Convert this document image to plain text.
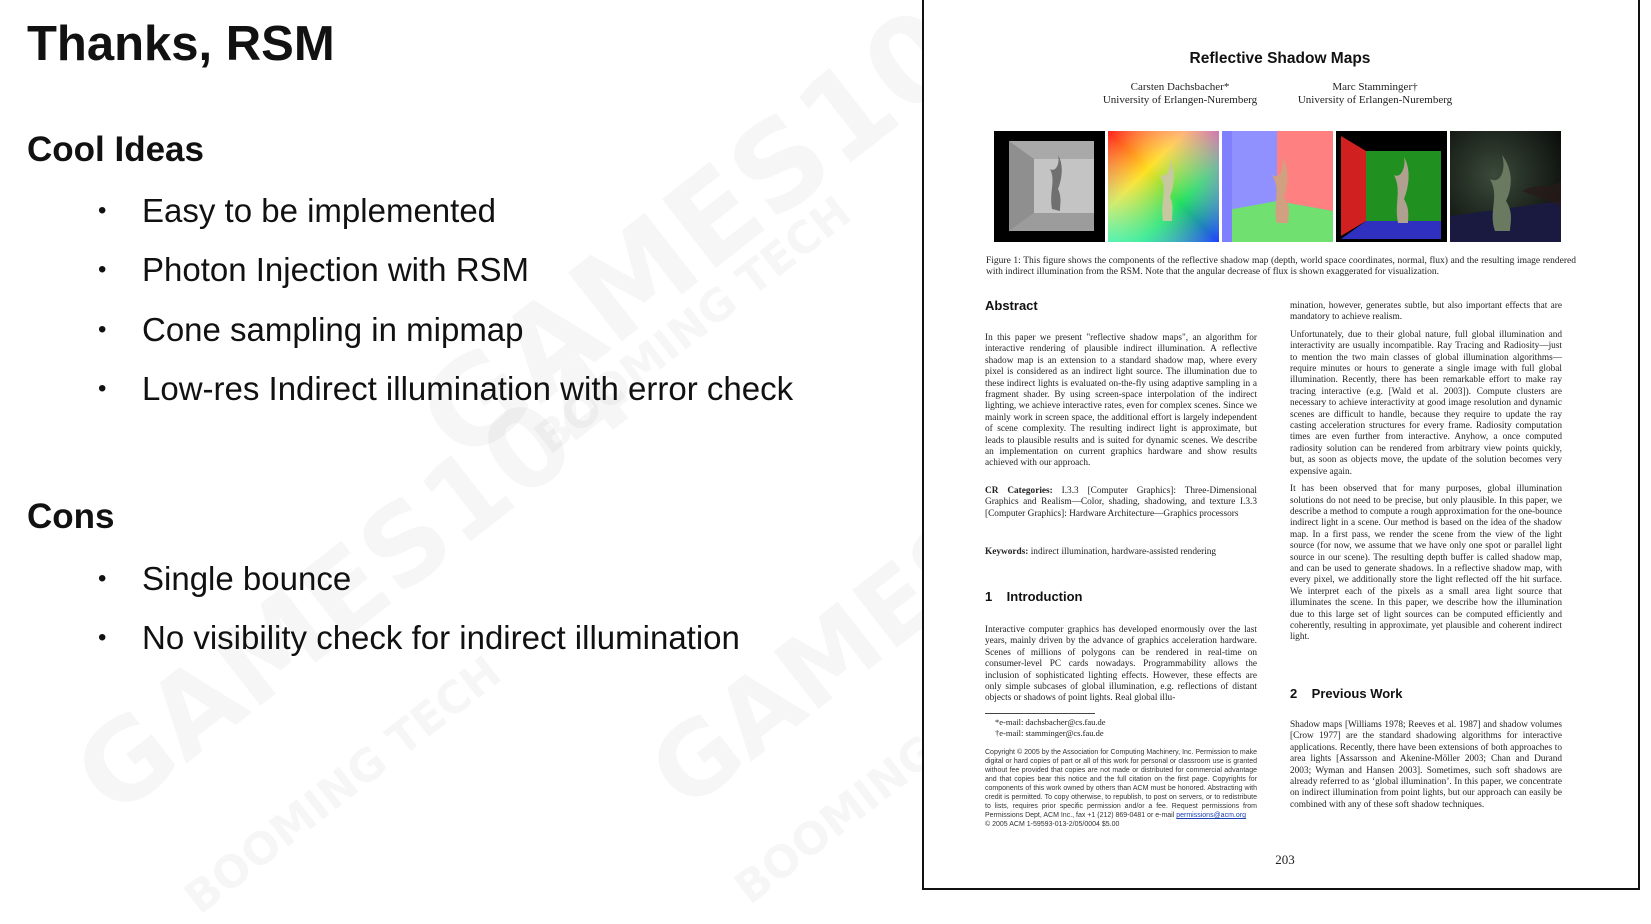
Thanks, RSM
Cool Ideas
• Easy to be implemented
• Photon Injection with RSM
• Cone sampling in mipmap
• Low-res Indirect illumination with error check
Cons
• Single bounce
• No visibility check for indirect illumination
Reflective Shadow Maps
Carsten Dachsbacher*
University of Erlangen-Nuremberg
Marc Stamminger†
University of Erlangen-Nuremberg
Figure 1: This figure shows the components of the reflective shadow map (depth, world space coordinates, normal, flux) and the resulting image rendered with indirect illumination from the RSM. Note that the angular decrease of flux is shown exaggerated for visualization.
Abstract
In this paper we present "reflective shadow maps", an algorithm for interactive rendering of plausible indirect illumination. A reflective shadow map is an extension to a standard shadow map, where every pixel is considered as an indirect light source. The illumination due to these indirect lights is evaluated on-the-fly using adaptive sampling in a fragment shader. By using screen-space interpolation of the indirect lighting, we achieve interactive rates, even for complex scenes. Since we mainly work in screen space, the additional effort is largely independent of scene complexity. The resulting indirect light is approximate, but leads to plausible results and is suited for dynamic scenes. We describe an implementation on current graphics hardware and show results achieved with our approach.
CR Categories: I.3.3 [Computer Graphics]: Three-Dimensional Graphics and Realism—Color, shading, shadowing, and texture I.3.3 [Computer Graphics]: Hardware Architecture—Graphics processors
Keywords: indirect illumination, hardware-assisted rendering
1    Introduction
Interactive computer graphics has developed enormously over the last years, mainly driven by the advance of graphics acceleration hardware. Scenes of millions of polygons can be rendered in real-time on consumer-level PC cards nowadays. Programmability allows the inclusion of sophisticated lighting effects. However, these effects are only simple subcases of global illumination, e.g. reflections of distant objects or shadows of point lights. Real global illu-
*e-mail: dachsbacher@cs.fau.de
†e-mail: stamminger@cs.fau.de
Copyright © 2005 by the Association for Computing Machinery, Inc. Permission to make digital or hard copies of part or all of this work for personal or classroom use is granted without fee provided that copies are not made or distributed for commercial advantage and that copies bear this notice and the full citation on the first page. Copyrights for components of this work owned by others than ACM must be honored. Abstracting with credit is permitted. To copy otherwise, to republish, to post on servers, or to redistribute to lists, requires prior specific permission and/or a fee. Request permissions from Permissions Dept, ACM Inc., fax +1 (212) 869-0481 or e-mail permissions@acm.org
© 2005 ACM 1-59593-013-2/05/0004 $5.00

mination, however, generates subtle, but also important effects that are mandatory to achieve realism.

Unfortunately, due to their global nature, full global illumination and interactivity are usually incompatible. Ray Tracing and Radiosity—just to mention the two main classes of global illumination algorithms—require minutes or hours to generate a single image with full global illumination. Recently, there has been remarkable effort to make ray tracing interactive (e.g. [Wald et al. 2003]). Compute clusters are necessary to achieve interactivity at good image resolution and dynamic scenes are difficult to handle, because they require to update the ray casting acceleration structures for every frame. Radiosity computation times are even further from interactive. Anyhow, a once computed radiosity solution can be rendered from arbitrary view points quickly, but, as soon as objects move, the update of the solution becomes very expensive again.

It has been observed that for many purposes, global illumination solutions do not need to be precise, but only plausible. In this paper, we describe a method to compute a rough approximation for the one-bounce indirect light in a scene. Our method is based on the idea of the shadow map. In a first pass, we render the scene from the view of the light source (for now, we assume that we have only one spot or parallel light source in our scene). The resulting depth buffer is called shadow map, and can be used to generate shadows. In a reflective shadow map, with every pixel, we additionally store the light reflected off the hit surface. We interpret each of the pixels as a small area light source that illuminates the scene. In this paper, we describe how the illumination due to this large set of light sources can be computed efficiently and coherently, resulting in approximate, yet plausible and coherent indirect light.

2    Previous Work
Shadow maps [Williams 1978; Reeves et al. 1987] and shadow volumes [Crow 1977] are the standard shadowing algorithms for interactive applications. Recently, there have been extensions of both approaches to area lights [Assarsson and Akenine-Möller 2003; Chan and Durand 2003; Wyman and Hansen 2003]. Sometimes, such soft shadows are already referred to as ‘global illumination’. In this paper, we concentrate on indirect illumination from point lights, but our approach can easily be combined with any of these soft shadow techniques.
203
